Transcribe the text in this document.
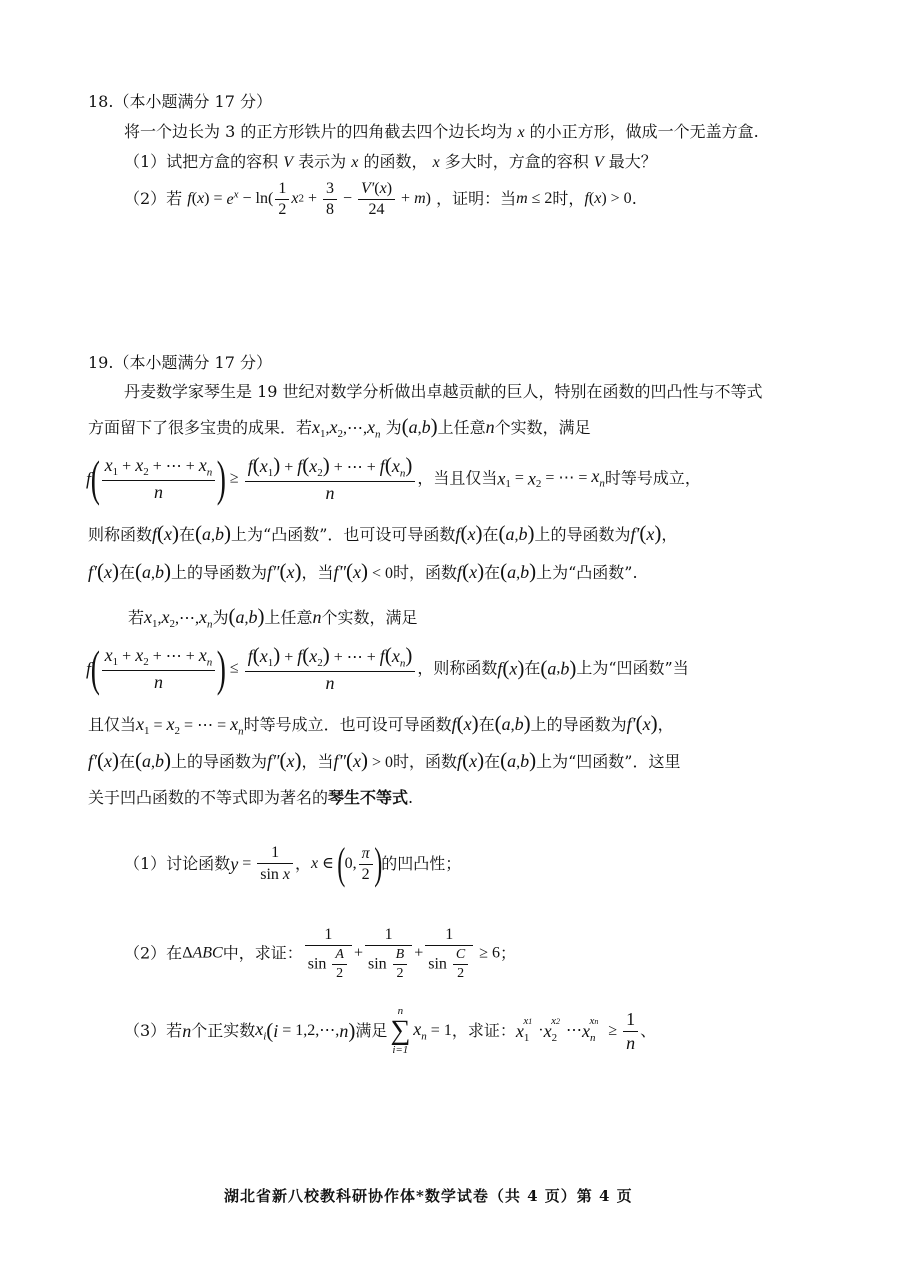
18.（本小题满分 17 分）
将一个边长为 3 的正方形铁片的四角截去四个边长均为 x 的小正方形，做成一个无盖方盒.
（1）试把方盒的容积 V 表示为 x 的函数， x 多大时，方盒的容积 V 最大？
（2）若 $f(x) = e^x - \ln( \frac{1}{2} x2 + \frac{3}{8} - \frac{V'(x)}{24} + m)$ ，证明：当m ≤ 2时，f(x) > 0.
19.（本小题满分 17 分）
丹麦数学家琴生是 19 世纪对数学分析做出卓越贡献的巨人，特别在函数的凹凸性与不等式
方面留下了很多宝贵的成果．若$x_1,x_2,\cdots,x_n$ 为(a,b)上任意n个实数，满足
$f( \frac{x_1 + x_2 + \cdots + x_n}{n}$ ) ≥ $\frac{f(x_1) + f(x_2) + \cdots + f(x_n)}{n}$ ，当且仅当$x_1 = x_2$ = ⋯ = $x_n$时等号成立，
则称函数f(x)在(a,b)上为“凸函数”．也可设可导函数f(x)在(a,b)上的导函数为f′(x)，
f′(x)在(a,b)上的导函数为f″(x)，当f″(x) < 0时，函数f(x)在(a,b)上为“凸函数”.
若$x_1,x_2,\cdots,x_n$为(a,b)上任意n个实数，满足
$f( \frac{x_1 + x_2 + \cdots + x_n}{n}$ ) ≤ $\frac{f(x_1) + f(x_2) + \cdots + f(x_n)}{n}$ ，则称函数f(x)在(a,b)上为“凹函数”当
且仅当$x_1 = x_2$ = ⋯ = $x_n$时等号成立．也可设可导函数f(x)在(a,b)上的导函数为f′(x)，
f′(x)在(a,b)上的导函数为f″(x)，当f″(x) > 0时，函数f(x)在(a,b)上为“凹函数”．这里
关于凹凸函数的不等式即为著名的琴生不等式.
（1）讨论函数$y = \frac{1}{\text{sin x}}$ ，x ∈ (0, $\frac{\pi}{2}$ )的凹凸性；
（2）在ΔABC中，求证： $\frac{1}{\sin \frac{A}{2}} + \frac{1}{\sin \frac{B}{2}} + \frac{1}{\sin \frac{C}{2}} \ge 6$；
（3）若n个正实数$x_i(i$ = 1,2,⋯,n)满足
n
∑
i=1
$x_n = 1$，求证：$x_1^{x1}\cdot x_2^{x2}\cdots x_n^{xn} \ge \frac{1}{n}$ 、
湖北省新八校教科研协作体*数学试卷（共 4 页）第 4 页
